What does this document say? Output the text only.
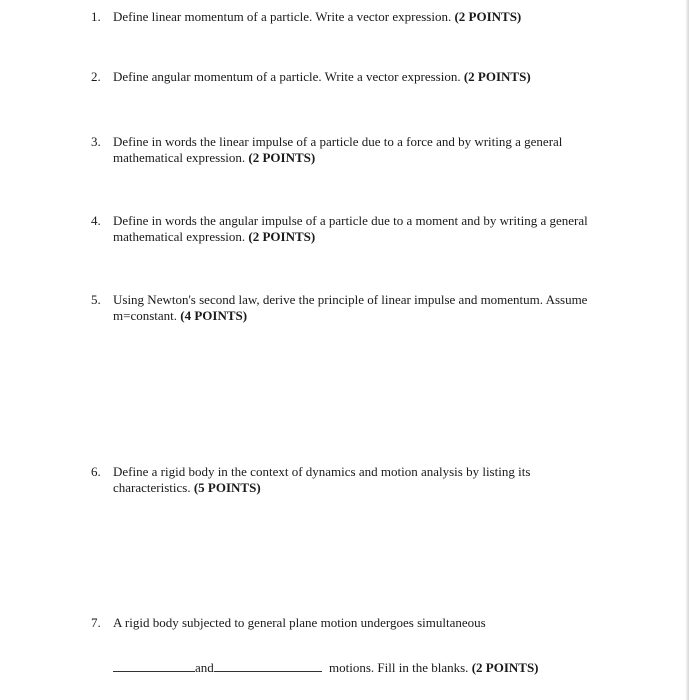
1. Define linear momentum of a particle. Write a vector expression. (2 POINTS)
2. Define angular momentum of a particle. Write a vector expression. (2 POINTS)
3. Define in words the linear impulse of a particle due to a force and by writing a general mathematical expression. (2 POINTS)
4. Define in words the angular impulse of a particle due to a moment and by writing a general mathematical expression. (2 POINTS)
5. Using Newton's second law, derive the principle of linear impulse and momentum. Assume m=constant. (4 POINTS)
6. Define a rigid body in the context of dynamics and motion analysis by listing its characteristics. (5 POINTS)
7. A rigid body subjected to general plane motion undergoes simultaneous
and	motions. Fill in the blanks. (2 POINTS)
